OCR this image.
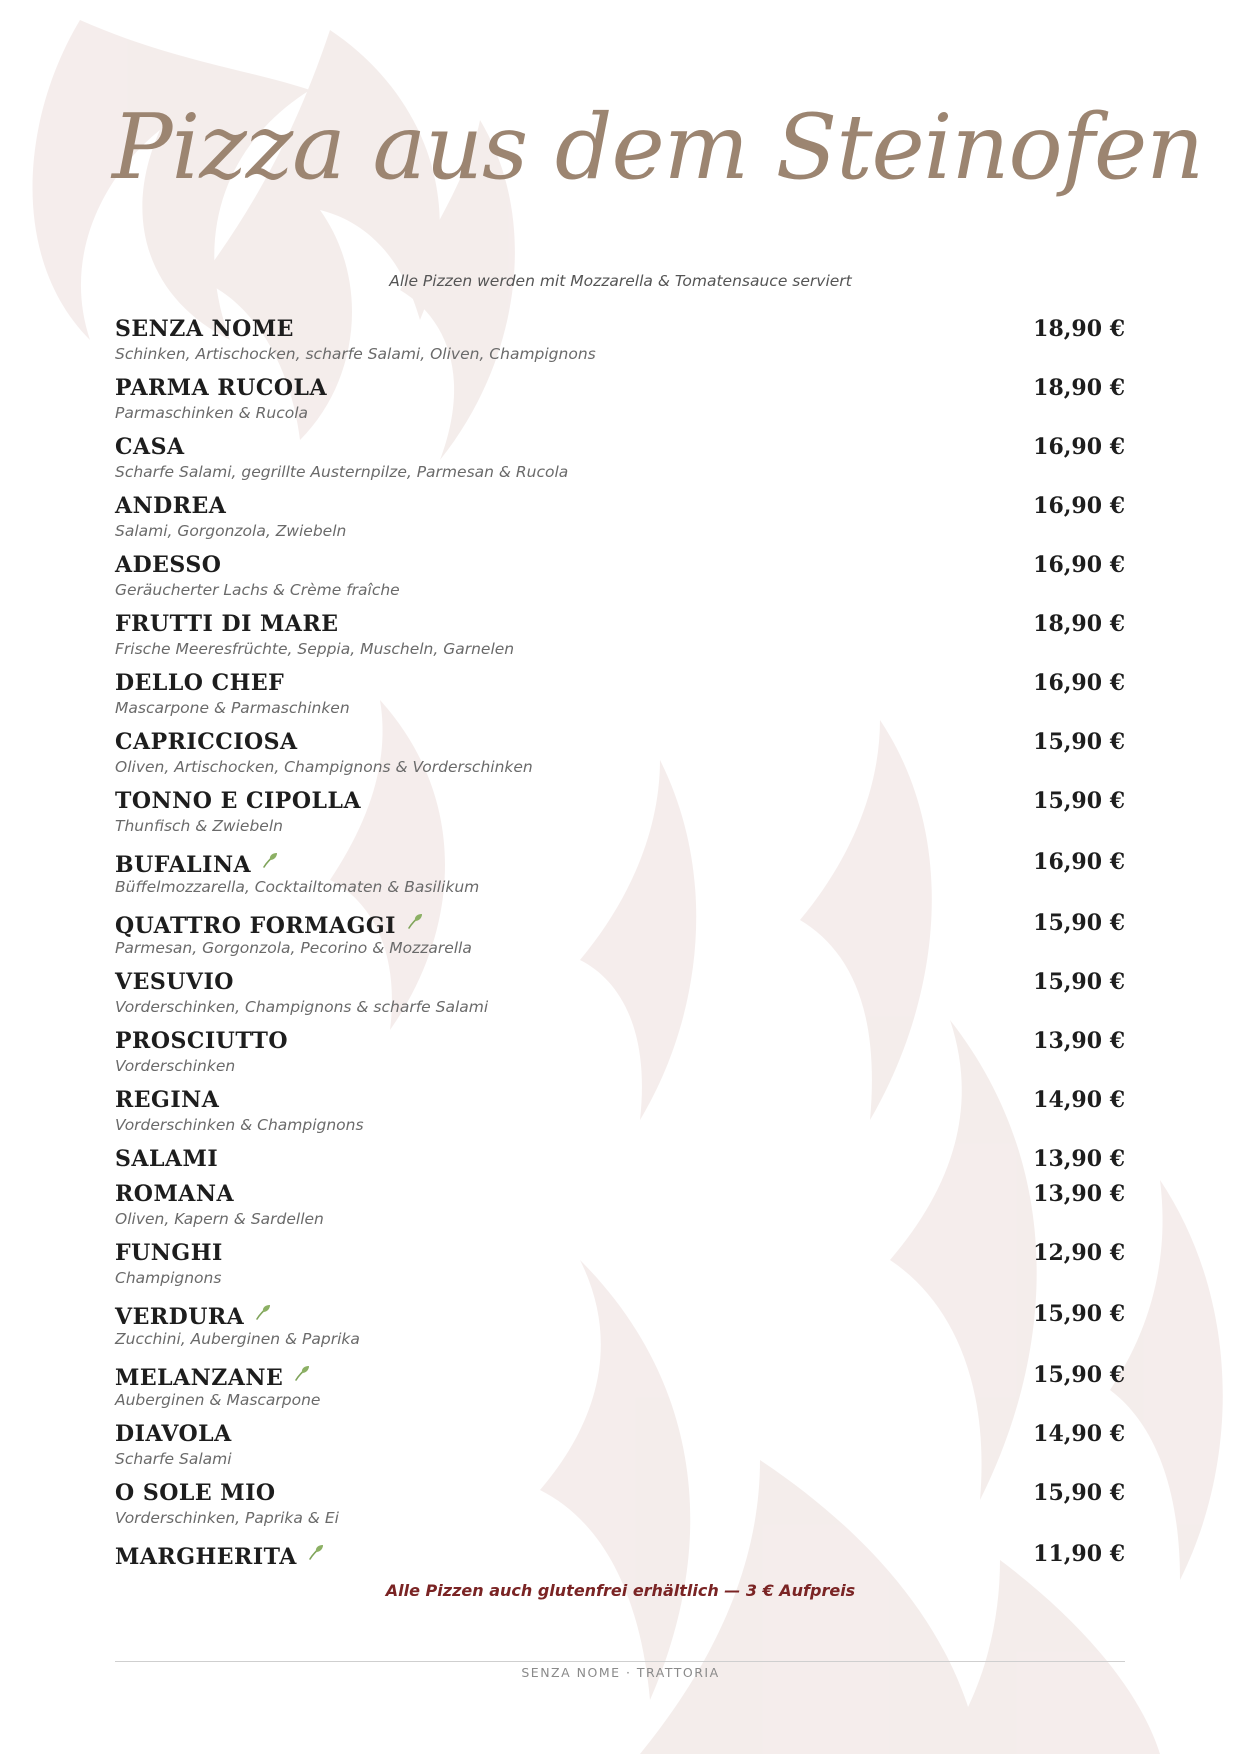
Pizza aus dem Steinofen
Alle Pizzen werden mit Mozzarella & Tomatensauce serviert
SENZA NOME	18,90 €
Schinken, Artischocken, scharfe Salami, Oliven, Champignons
PARMA RUCOLA	18,90 €
Parmaschinken & Rucola
CASA	16,90 €
Scharfe Salami, gegrillte Austernpilze, Parmesan & Rucola
ANDREA	16,90 €
Salami, Gorgonzola, Zwiebeln
ADESSO	16,90 €
Geräucherter Lachs & Crème fraîche
FRUTTI DI MARE	18,90 €
Frische Meeresfrüchte, Seppia, Muscheln, Garnelen
DELLO CHEF	16,90 €
Mascarpone & Parmaschinken
CAPRICCIOSA	15,90 €
Oliven, Artischocken, Champignons & Vorderschinken
TONNO E CIPOLLA	15,90 €
Thunfisch & Zwiebeln
BUFALINA	16,90 €
Büffelmozzarella, Cocktailtomaten & Basilikum
QUATTRO FORMAGGI	15,90 €
Parmesan, Gorgonzola, Pecorino & Mozzarella
VESUVIO	15,90 €
Vorderschinken, Champignons & scharfe Salami
PROSCIUTTO	13,90 €
Vorderschinken
REGINA	14,90 €
Vorderschinken & Champignons
SALAMI	13,90 €
ROMANA	13,90 €
Oliven, Kapern & Sardellen
FUNGHI	12,90 €
Champignons
VERDURA	15,90 €
Zucchini, Auberginen & Paprika
MELANZANE	15,90 €
Auberginen & Mascarpone
DIAVOLA	14,90 €
Scharfe Salami
O SOLE MIO	15,90 €
Vorderschinken, Paprika & Ei
MARGHERITA	11,90 €
Alle Pizzen auch glutenfrei erhältlich — 3 € Aufpreis
SENZA NOME · TRATTORIA
